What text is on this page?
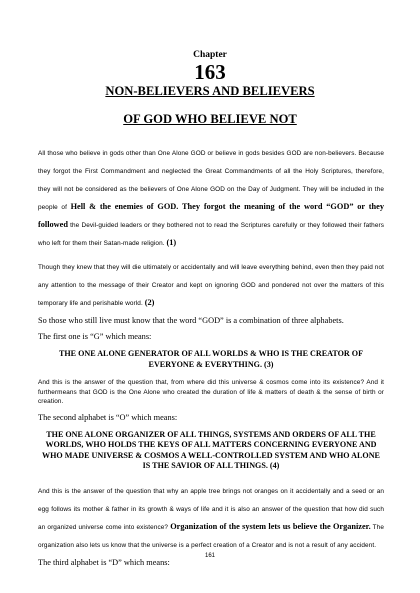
Chapter
163
NON-BELIEVERS AND BELIEVERS
OF GOD WHO BELIEVE NOT

All those who believe in gods other than One Alone GOD or believe in gods besides GOD are non-believers. Because they forgot the First Commandment and neglected the Great Commandments of all the Holy Scriptures, therefore, they will not be considered as the believers of One Alone GOD on the Day of Judgment. They will be included in the people of Hell & the enemies of GOD. They forgot the meaning of the word “GOD” or they followed the Devil-guided leaders or they bothered not to read the Scriptures carefully or they followed their fathers who left for them their Satan-made religion. (1)

Though they knew that they will die ultimately or accidentally and will leave everything behind, even then they paid not any attention to the message of their Creator and kept on ignoring GOD and pondered not over the matters of this temporary life and perishable world. (2)

So those who still live must know that the word “GOD” is a combination of three alphabets.

The first one is “G” which means:

THE ONE ALONE GENERATOR OF ALL WORLDS & WHO IS THE CREATOR OF EVERYONE & EVERYTHING. (3)

And this is the answer of the question that, from where did this universe & cosmos come into its existence? And it furthermeans that GOD is the One Alone who created the duration of life & matters of death & the sense of birth or creation.

The second alphabet is “O” which means:

THE ONE ALONE ORGANIZER OF ALL THINGS, SYSTEMS AND ORDERS OF ALL THE WORLDS, WHO HOLDS THE KEYS OF ALL MATTERS CONCERNING EVERYONE AND WHO MADE UNIVERSE & COSMOS A WELL-CONTROLLED SYSTEM AND WHO ALONE IS THE SAVIOR OF ALL THINGS. (4)

And this is the answer of the question that why an apple tree brings not oranges on it accidentally and a seed or an egg follows its mother & father in its growth & ways of life and it is also an answer of the question that how did such an organized universe come into existence? Organization of the system lets us believe the Organizer. The organization also lets us know that the universe is a perfect creation of a Creator and is not a result of any accident.

The third alphabet is “D” which means:

161
